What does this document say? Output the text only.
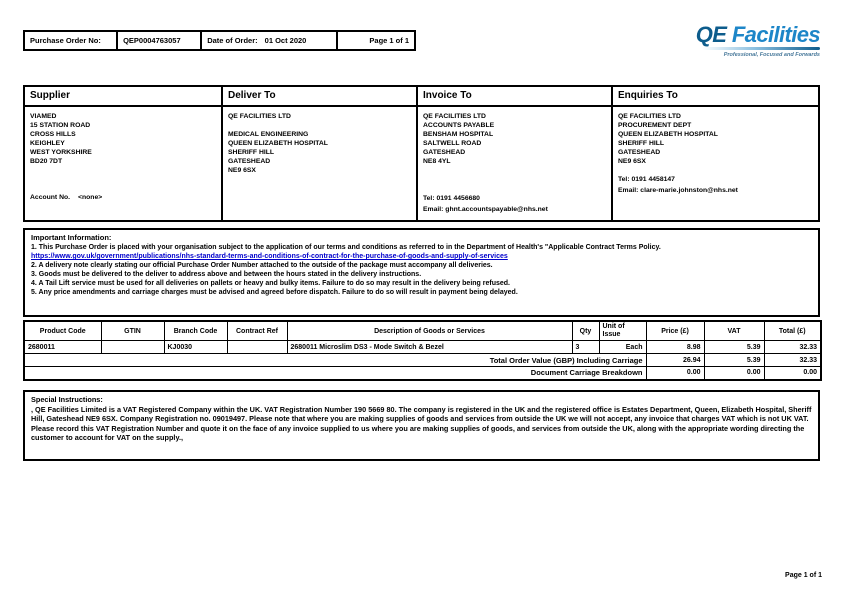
Purchase Order No:	QEP0004763057	Date of Order: 01 Oct 2020	Page 1 of 1	QE Facilities
Professional, Focused and Forwards
Supplier
VIAMED
15 STATION ROAD
CROSS HILLS
KEIGHLEY
WEST YORKSHIRE
BD20 7DT
Account No. <none>
Deliver To
QE FACILITIES LTD
MEDICAL ENGINEERING
QUEEN ELIZABETH HOSPITAL
SHERIFF HILL
GATESHEAD
NE9 6SX
Invoice To
QE FACILITIES LTD
ACCOUNTS PAYABLE
BENSHAM HOSPITAL
SALTWELL ROAD
GATESHEAD
NE8 4YL
Tel: 0191 4456680
Email: ghnt.accountspayable@nhs.net
Enquiries To
QE FACILITIES LTD
PROCUREMENT DEPT
QUEEN ELIZABETH HOSPITAL
SHERIFF HILL
GATESHEAD
NE9 6SX
Tel: 0191 4458147
Email: clare-marie.johnston@nhs.net
Important Information:
1. This Purchase Order is placed with your organisation subject to the application of our terms and conditions as referred to in the Department of Health's "Applicable Contract Terms Policy.
https://www.gov.uk/government/publications/nhs-standard-terms-and-conditions-of-contract-for-the-purchase-of-goods-and-supply-of-services
2. A delivery note clearly stating our official Purchase Order Number attached to the outside of the package must accompany all deliveries.
3. Goods must be delivered to the deliver to address above and between the hours stated in the delivery instructions.
4. A Tail Lift service must be used for all deliveries on pallets or heavy and bulky items. Failure to do so may result in the delivery being refused.
5. Any price amendments and carriage charges must be advised and agreed before dispatch. Failure to do so will result in payment being delayed.
Product Code	GTIN	Branch Code	Contract Ref	Description of Goods or Services	Qty	Unit of
Issue	Price (£)	VAT	Total (£)
2680011		KJ0030		2680011 Microslim DS3 - Mode Switch & Bezel	3	Each	8.98	5.39	32.33
Total Order Value (GBP) Including Carriage							26.94	5.39	32.33
Document Carriage Breakdown							0.00	0.00	0.00
Special Instructions:
, QE Facilities Limited is a VAT Registered Company within the UK. VAT Registration Number 190 5669 80. The company is registered in the UK and the registered office is Estates Department, Queen, Elizabeth Hospital, Sheriff Hill, Gateshead NE9 6SX. Company Registration no. 09019497. Please note that where you are making supplies of goods and services from outside the UK we will not accept, any invoice that charges VAT which is not UK VAT. Please record this VAT Registration Number and quote it on the face of any invoice supplied to us where you are making supplies of goods, and services from outside the UK, along with the appropriate wording directing the customer to account for VAT on the supply.,
Page 1 of 1
